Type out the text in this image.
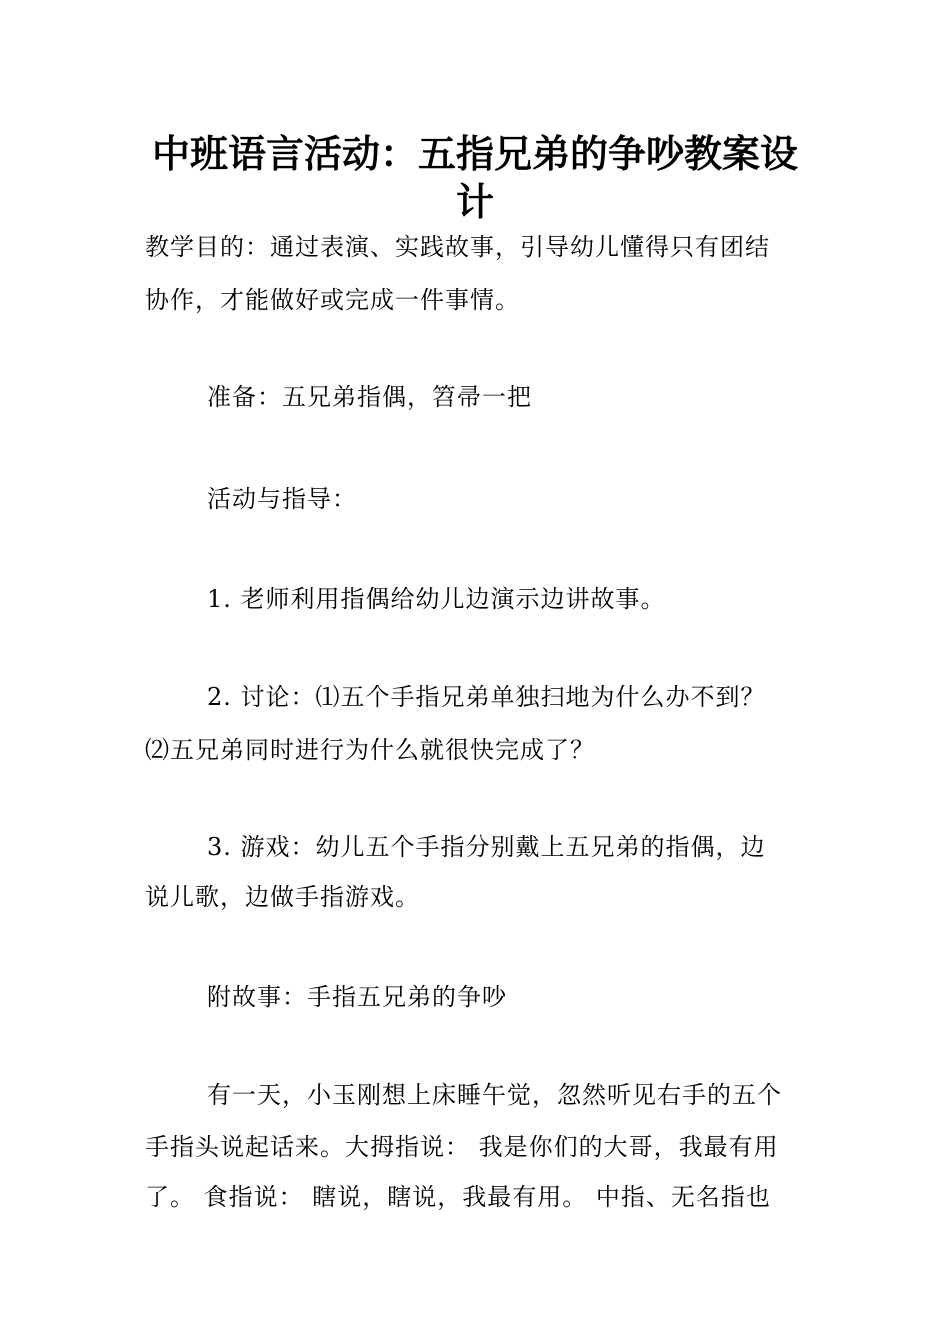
中班语言活动：五指兄弟的争吵教案设
计
教学目的：通过表演、实践故事，引导幼儿懂得只有团结
协作，才能做好或完成一件事情。
准备：五兄弟指偶，笤帚一把
活动与指导：
1. 老师利用指偶给幼儿边演示边讲故事。
2. 讨论：⑴五个手指兄弟单独扫地为什么办不到？
⑵五兄弟同时进行为什么就很快完成了？
3. 游戏：幼儿五个手指分别戴上五兄弟的指偶，边
说儿歌，边做手指游戏。
附故事：手指五兄弟的争吵
有一天，小玉刚想上床睡午觉，忽然听见右手的五个
手指头说起话来。大拇指说： 我是你们的大哥，我最有用
了。 食指说： 瞎说，瞎说，我最有用。 中指、无名指也
